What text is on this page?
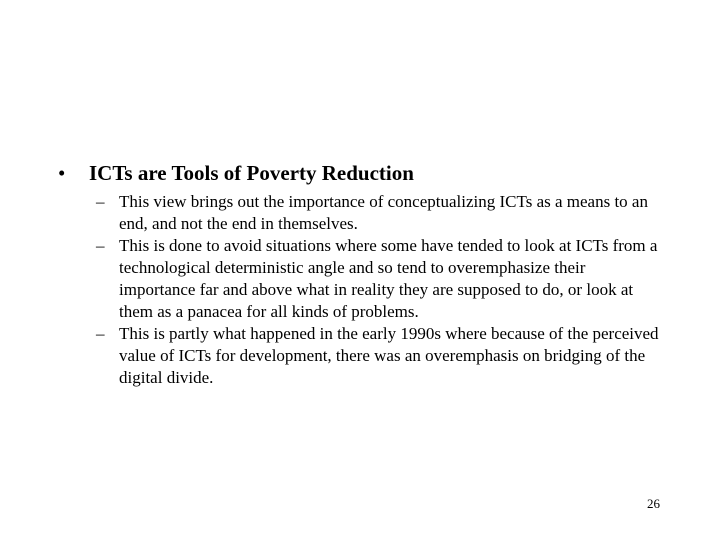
• ICTs are Tools of Poverty Reduction
– This view brings out the importance of conceptualizing ICTs as a means to an end, and not the end in themselves.
– This is done to avoid situations where some have tended to look at ICTs from a technological deterministic angle and so tend to overemphasize their importance far and above what in reality they are supposed to do, or look at them as a panacea for all kinds of problems.
– This is partly what happened in the early 1990s where because of the perceived value of ICTs for development, there was an overemphasis on bridging of the digital divide.
26
